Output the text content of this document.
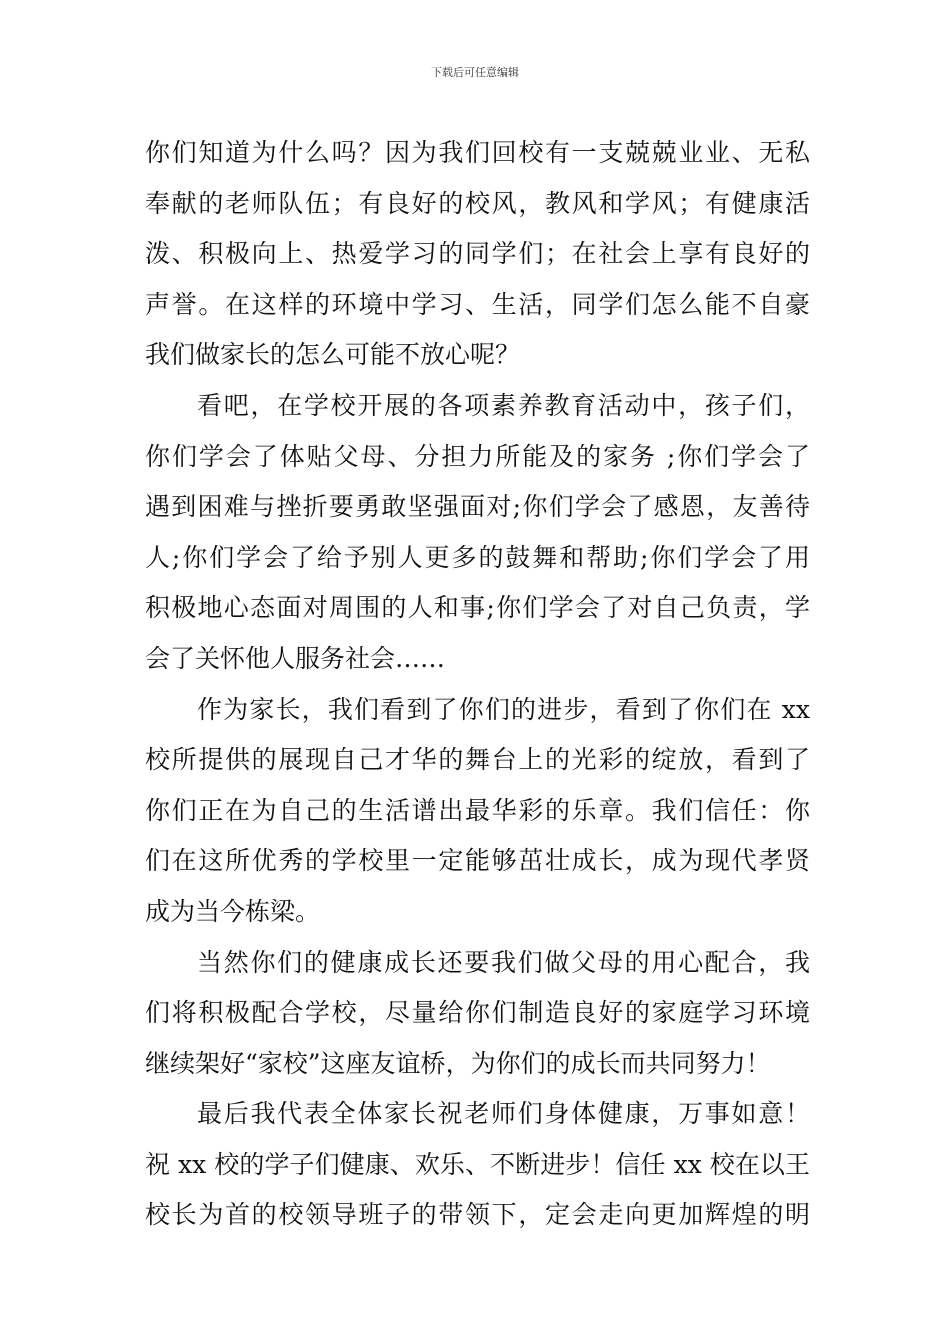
下载后可任意编辑
你们知道为什么吗？因为我们回校有一支兢兢业业、无私
奉献的老师队伍；有良好的校风，教风和学风；有健康活
泼、积极向上、热爱学习的同学们；在社会上享有良好的
声誉。在这样的环境中学习、生活，同学们怎么能不自豪
我们做家长的怎么可能不放心呢？
看吧，在学校开展的各项素养教育活动中，孩子们，
你们学会了体贴父母、分担力所能及的家务 ;你们学会了
遇到困难与挫折要勇敢坚强面对;你们学会了感恩，友善待
人;你们学会了给予别人更多的鼓舞和帮助;你们学会了用
积极地心态面对周围的人和事;你们学会了对自己负责，学
会了关怀他人服务社会……
作为家长，我们看到了你们的进步，看到了你们在 xx
校所提供的展现自己才华的舞台上的光彩的绽放，看到了
你们正在为自己的生活谱出最华彩的乐章。我们信任：你
们在这所优秀的学校里一定能够茁壮成长，成为现代孝贤
成为当今栋梁。
当然你们的健康成长还要我们做父母的用心配合，我
们将积极配合学校，尽量给你们制造良好的家庭学习环境
继续架好“家校”这座友谊桥，为你们的成长而共同努力！
最后我代表全体家长祝老师们身体健康，万事如意！
祝 xx 校的学子们健康、欢乐、不断进步！信任 xx 校在以王
校长为首的校领导班子的带领下，定会走向更加辉煌的明
